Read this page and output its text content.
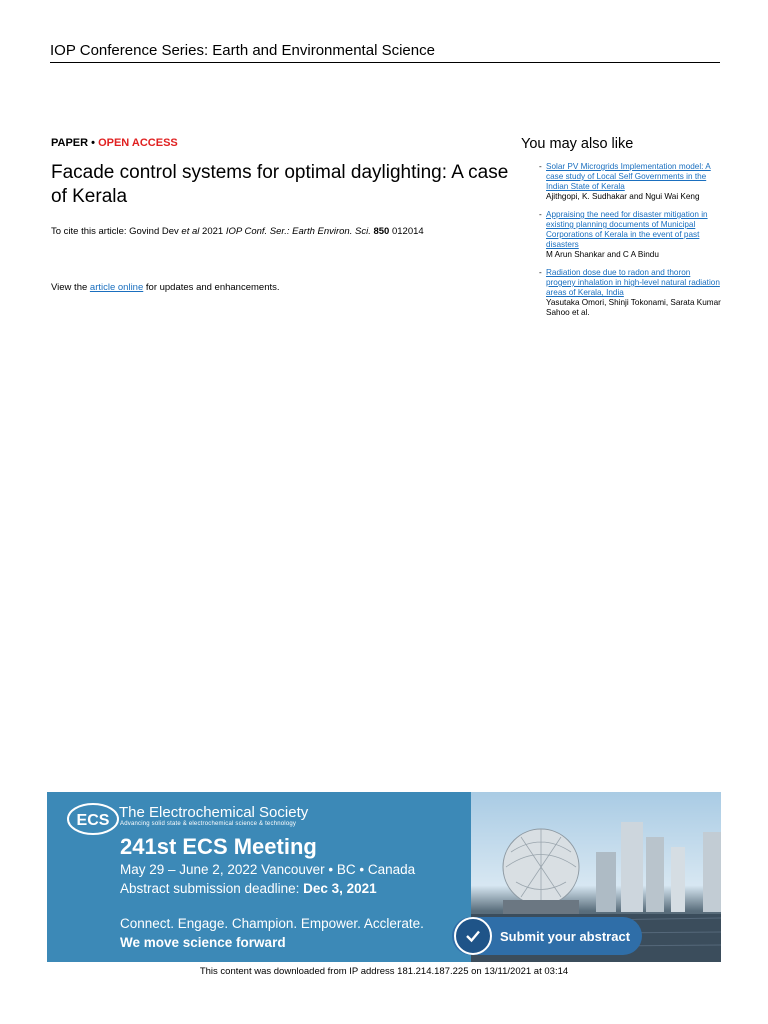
IOP Conference Series: Earth and Environmental Science
PAPER • OPEN ACCESS
Facade control systems for optimal daylighting: A case of Kerala
To cite this article: Govind Dev et al 2021 IOP Conf. Ser.: Earth Environ. Sci. 850 012014
View the article online for updates and enhancements.
You may also like
- Solar PV Microgrids Implementation model: A case study of Local Self Governments in the Indian State of Kerala
Ajithgopi, K. Sudhakar and Ngui Wai Keng
- Appraising the need for disaster mitigation in existing planning documents of Municipal Corporations of Kerala in the event of past disasters
M Arun Shankar and C A Bindu
- Radiation dose due to radon and thoron progeny inhalation in high-level natural radiation areas of Kerala, India
Yasutaka Omori, Shinji Tokonami, Sarata Kumar Sahoo et al.
ECS The Electrochemical Society
Advancing solid state & electrochemical science & technology
241st ECS Meeting
May 29 – June 2, 2022 Vancouver • BC • Canada
Abstract submission deadline: Dec 3, 2021
Connect. Engage. Champion. Empower. Acclerate.
We move science forward	Submit your abstract
This content was downloaded from IP address 181.214.187.225 on 13/11/2021 at 03:14
